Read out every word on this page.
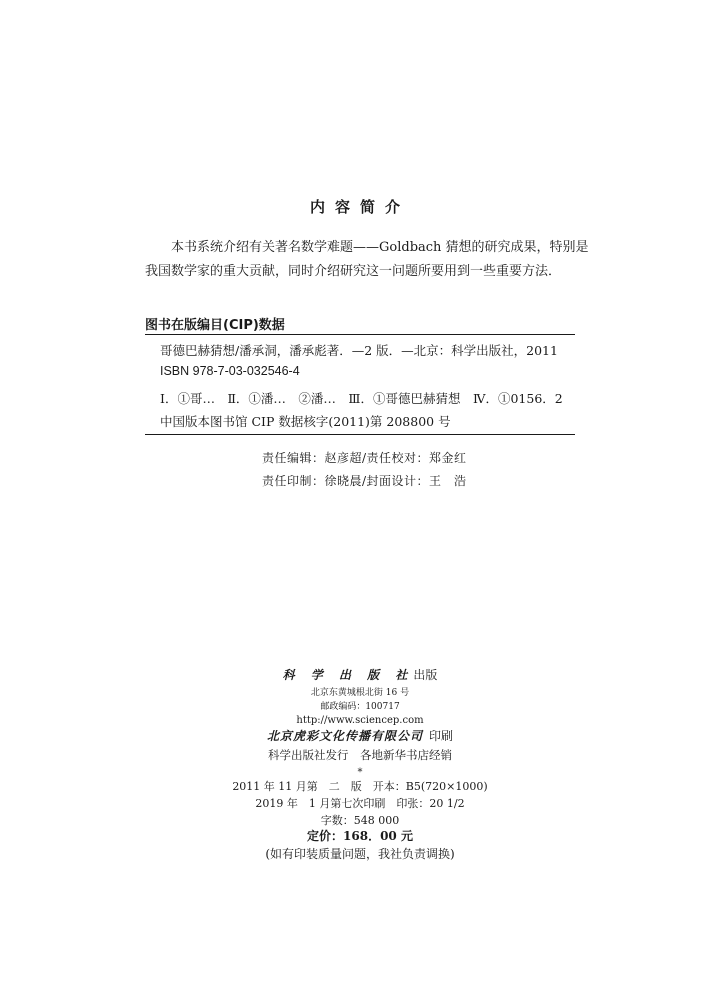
内容简介
本书系统介绍有关著名数学难题——Goldbach 猜想的研究成果，特别是
我国数学家的重大贡献，同时介绍研究这一问题所要用到一些重要方法．
图书在版编目(CIP)数据
哥德巴赫猜想/潘承洞，潘承彪著．—2 版．—北京：科学出版社，2011
ISBN 978-7-03-032546-4
Ⅰ．①哥…　Ⅱ．①潘…　②潘…　Ⅲ．①哥德巴赫猜想　Ⅳ．①0156．2
中国版本图书馆 CIP 数据核字(2011)第 208800 号
责任编辑：赵彦超/责任校对：郑金红
责任印制：徐晓晨/封面设计：王　浩
科 学 出 版 社出版
北京东黄城根北街 16 号
邮政编码：100717
http://www.sciencep.com
北京虎彩文化传播有限公司  印刷
科学出版社发行　各地新华书店经销
*
2011 年 11 月第　二　版　开本：B5(720×1000)
2019 年　1 月第七次印刷　印张：20 1/2
字数：548 000
定价：168．00 元
(如有印装质量问题，我社负责调换)
